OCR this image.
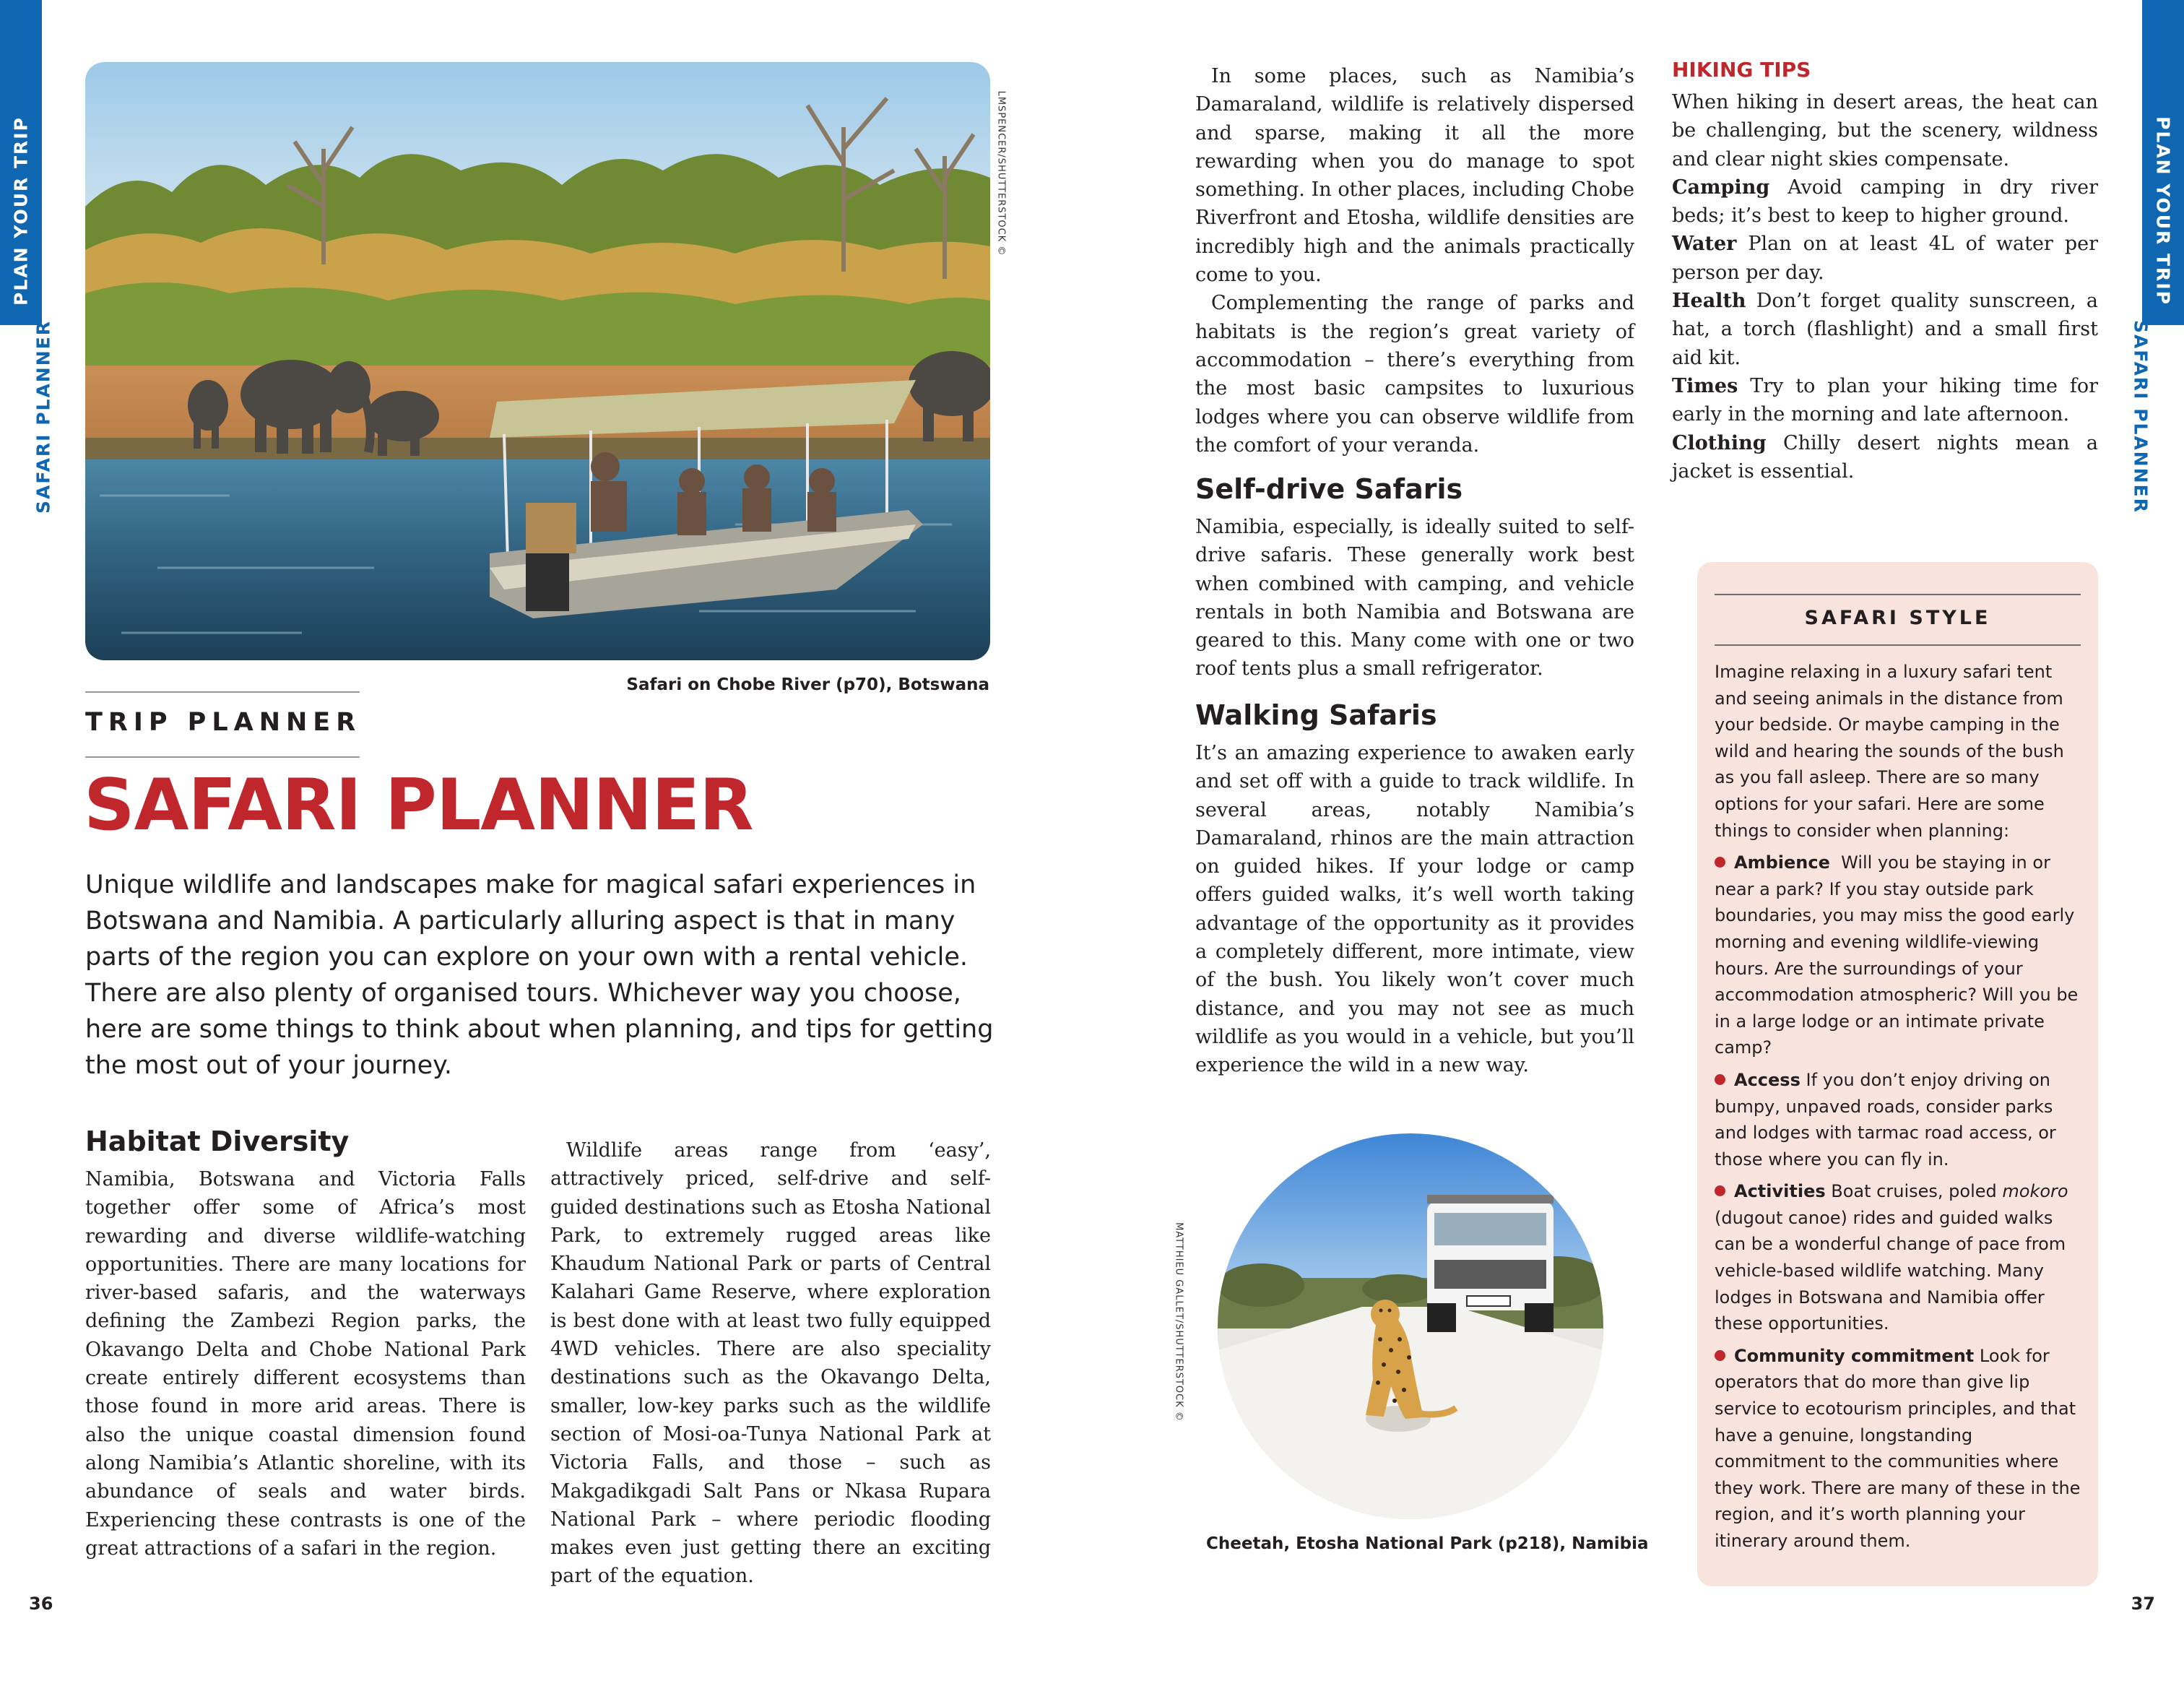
PLAN YOUR TRIP
SAFARI PLANNER
PLAN YOUR TRIP
SAFARI PLANNER
LMSPENCER/SHUTTERSTOCK ©
Safari on Chobe River (p70), Botswana
TRIP PLANNER
SAFARI PLANNER
Unique wildlife and landscapes make for magical safari experiences in Botswana and Namibia. A particularly alluring aspect is that in many parts of the region you can explore on your own with a rental vehicle. There are also plenty of organised tours. Whichever way you choose, here are some things to think about when planning, and tips for getting the most out of your journey.
Habitat Diversity

Namibia, Botswana and Victoria Falls together offer some of Africa’s most rewarding and diverse wildlife-watching opportunities. There are many locations for river-based safaris, and the waterways defining the Zambezi Region parks, the Okavango Delta and Chobe National Park create entirely different ecosystems than those found in more arid areas. There is also the unique coastal dimension found along Namibia’s Atlantic shoreline, with its abundance of seals and water birds. Experiencing these contrasts is one of the great attractions of a safari in the region.

Wildlife areas range from ‘easy’, attractively priced, self-drive and self-guided destinations such as Etosha National Park, to extremely rugged areas like Khaudum National Park or parts of Central Kalahari Game Reserve, where exploration is best done with at least two fully equipped 4WD vehicles. There are also speciality destinations such as the Okavango Delta, smaller, low-key parks such as the wildlife section of Mosi-oa-Tunya National Park at Victoria Falls, and those – such as Makgadikgadi Salt Pans or Nkasa Rupara National Park – where periodic flooding makes even just getting there an exciting part of the equation.

In some places, such as Namibia’s Damaraland, wildlife is relatively dispersed and sparse, making it all the more rewarding when you do manage to spot something. In other places, including Chobe Riverfront and Etosha, wildlife densities are incredibly high and the animals practically come to you.

Complementing the range of parks and habitats is the region’s great variety of accommodation – there’s everything from the most basic campsites to luxurious lodges where you can observe wildlife from the comfort of your veranda.

Self-drive Safaris

Namibia, especially, is ideally suited to self-drive safaris. These generally work best when combined with camping, and vehicle rentals in both Namibia and Botswana are geared to this. Many come with one or two roof tents plus a small refrigerator.

Walking Safaris

It’s an amazing experience to awaken early and set off with a guide to track wildlife. In several areas, notably Namibia’s Damaraland, rhinos are the main attraction on guided hikes. If your lodge or camp offers guided walks, it’s well worth taking advantage of the opportunity as it provides a completely different, more intimate, view of the bush. You likely won’t cover much distance, and you may not see as much wildlife as you would in a vehicle, but you’ll experience the wild in a new way.

MATTHIEU GALLET/SHUTTERSTOCK ©
Cheetah, Etosha National Park (p218), Namibia
HIKING TIPS

When hiking in desert areas, the heat can be challenging, but the scenery, wildness and clear night skies compensate.

Camping Avoid camping in dry river beds; it’s best to keep to higher ground.

Water Plan on at least 4L of water per person per day.

Health Don’t forget quality sunscreen, a hat, a torch (flashlight) and a small first aid kit.

Times Try to plan your hiking time for early in the morning and late afternoon.

Clothing Chilly desert nights mean a jacket is essential.

SAFARI STYLE

Imagine relaxing in a luxury safari tent and seeing animals in the distance from your bedside. Or maybe camping in the wild and hearing the sounds of the bush as you fall asleep. There are so many options for your safari. Here are some things to consider when planning:

Ambience Will you be staying in or near a park? If you stay outside park boundaries, you may miss the good early morning and evening wildlife-viewing hours. Are the surroundings of your accommodation atmospheric? Will you be in a large lodge or an intimate private camp?

Access If you don’t enjoy driving on bumpy, unpaved roads, consider parks and lodges with tarmac road access, or those where you can fly in.

Activities Boat cruises, poled mokoro (dugout canoe) rides and guided walks can be a wonderful change of pace from vehicle-based wildlife watching. Many lodges in Botswana and Namibia offer these opportunities.

Community commitment Look for operators that do more than give lip service to ecotourism principles, and that have a genuine, longstanding commitment to the communities where they work. There are many of these in the region, and it’s worth planning your itinerary around them.

36	37
